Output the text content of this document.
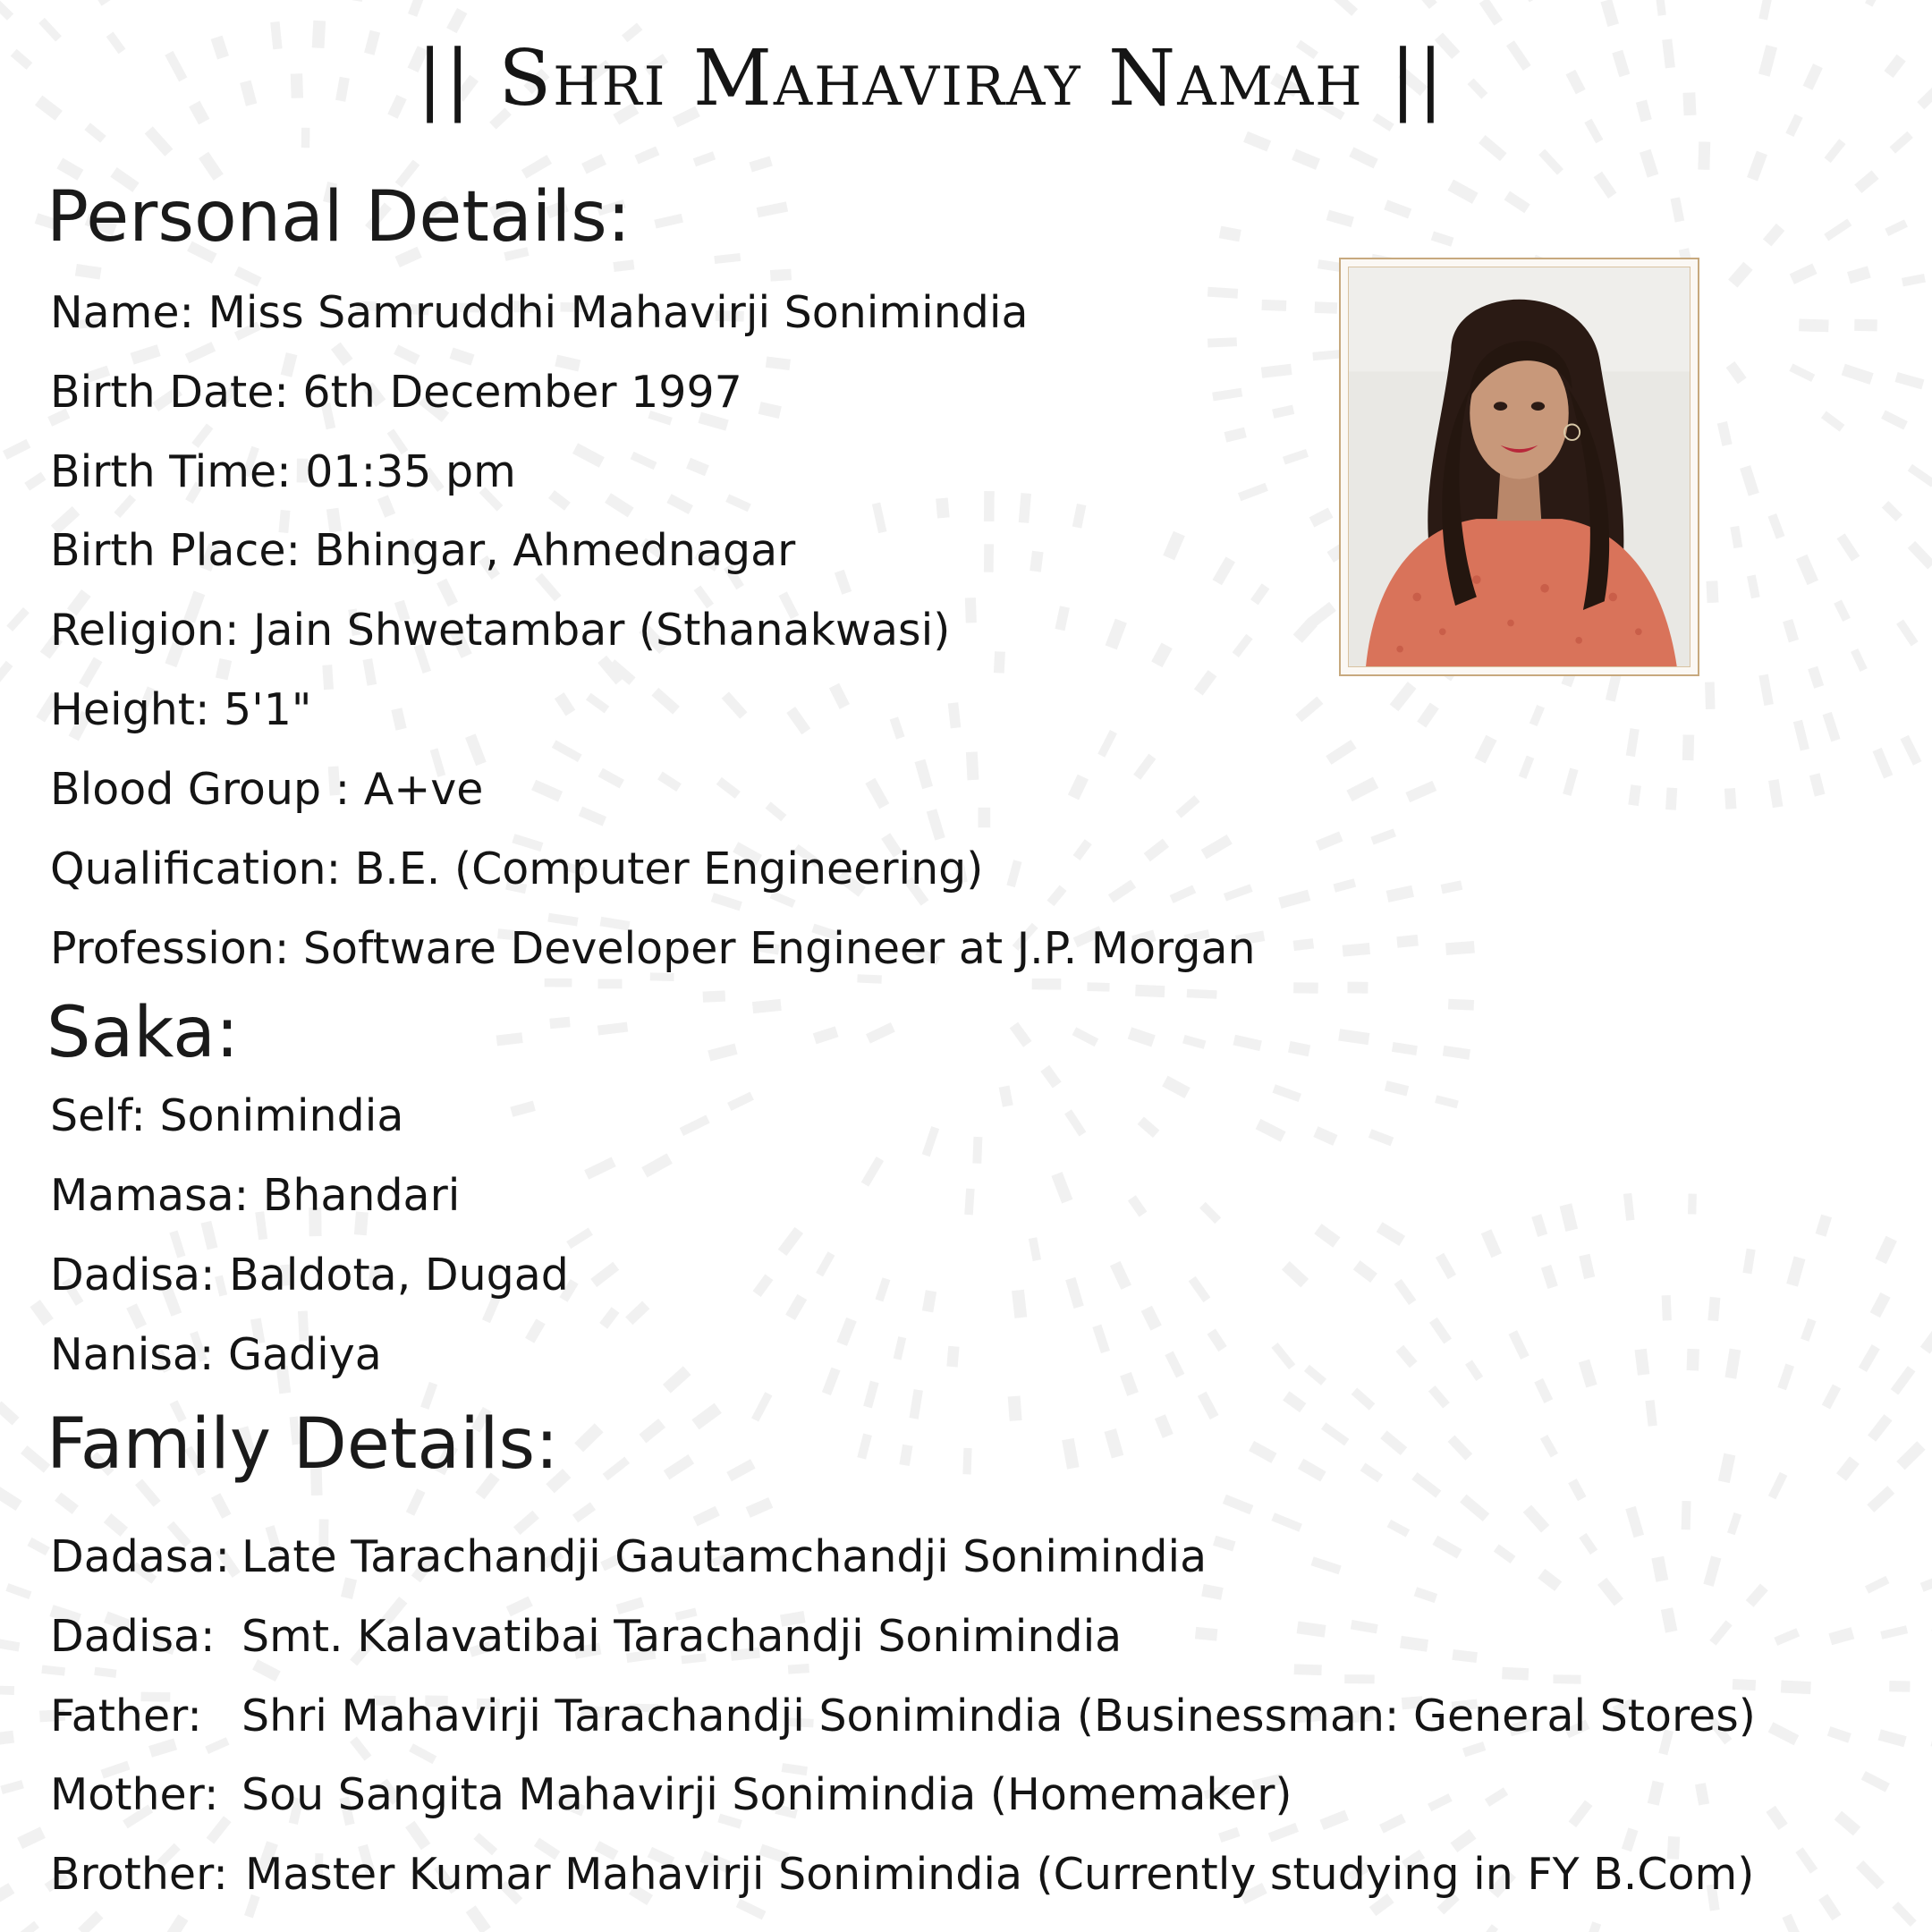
|| Shri Mahaviray Namah ||
Personal Details:
Name: Miss Samruddhi Mahavirji Sonimindia
Birth Date: 6th December 1997
Birth Time: 01:35 pm
Birth Place: Bhingar, Ahmednagar
Religion: Jain Shwetambar (Sthanakwasi)
Height: 5'1"
Blood Group : A+ve
Qualification: B.E. (Computer Engineering)
Profession: Software Developer Engineer at J.P. Morgan
Saka:
Self: Sonimindia
Mamasa: Bhandari
Dadisa: Baldota, Dugad
Nanisa: Gadiya
Family Details:
Dadasa: Late Tarachandji Gautamchandji Sonimindia
Dadisa: Smt. Kalavatibai Tarachandji Sonimindia
Father: Shri Mahavirji Tarachandji Sonimindia (Businessman: General Stores)
Mother: Sou Sangita Mahavirji Sonimindia (Homemaker)
Brother: Master Kumar Mahavirji Sonimindia (Currently studying in FY B.Com)
